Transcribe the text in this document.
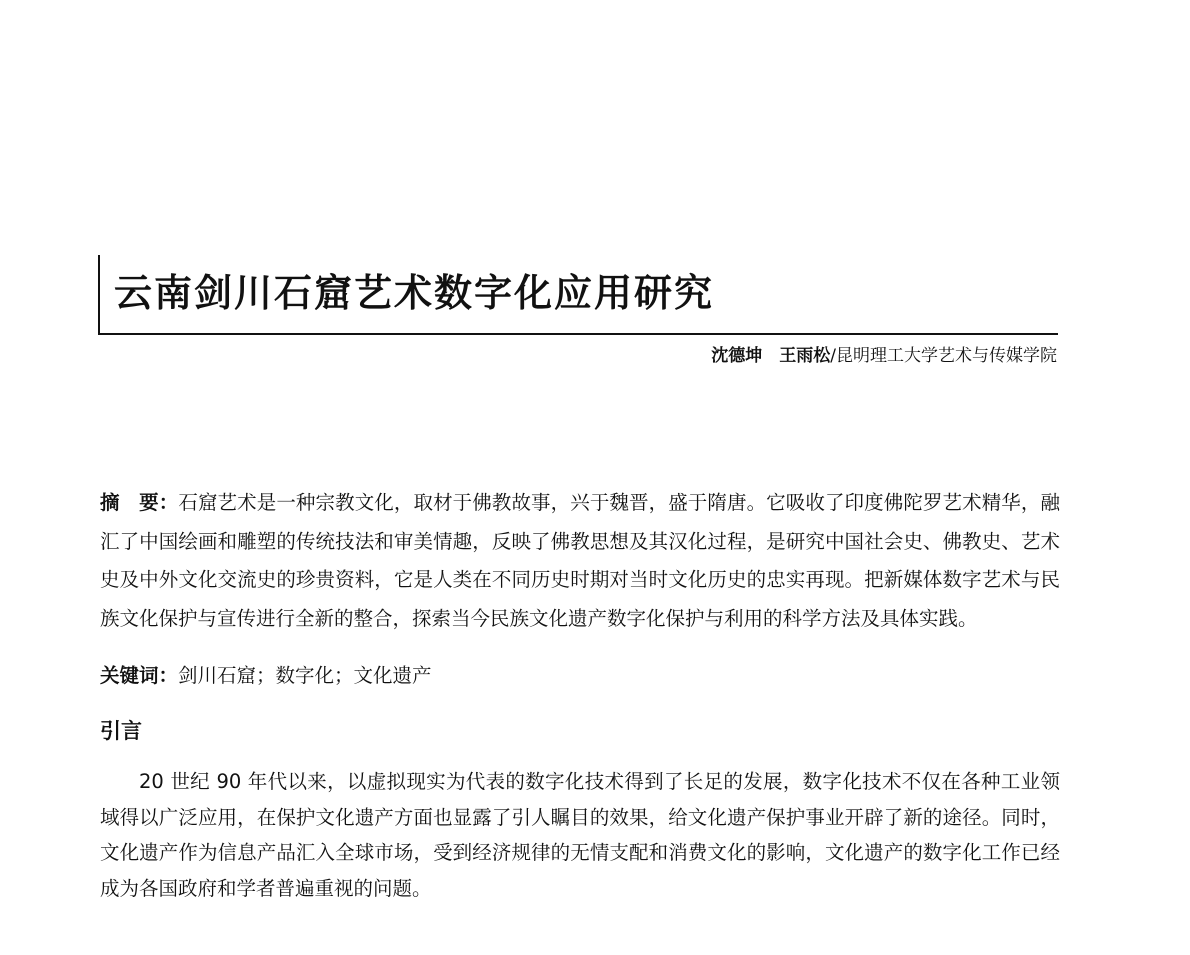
云南剑川石窟艺术数字化应用研究
沈德坤　王雨松/昆明理工大学艺术与传媒学院
摘　要：石窟艺术是一种宗教文化，取材于佛教故事，兴于魏晋，盛于隋唐。它吸收了印度佛陀罗艺术精华，融汇了中国绘画和雕塑的传统技法和审美情趣，反映了佛教思想及其汉化过程，是研究中国社会史、佛教史、艺术史及中外文化交流史的珍贵资料，它是人类在不同历史时期对当时文化历史的忠实再现。把新媒体数字艺术与民族文化保护与宣传进行全新的整合，探索当今民族文化遗产数字化保护与利用的科学方法及具体实践。
关键词：剑川石窟；数字化；文化遗产
引言
20 世纪 90 年代以来，以虚拟现实为代表的数字化技术得到了长足的发展，数字化技术不仅在各种工业领域得以广泛应用，在保护文化遗产方面也显露了引人瞩目的效果，给文化遗产保护事业开辟了新的途径。同时，文化遗产作为信息产品汇入全球市场，受到经济规律的无情支配和消费文化的影响，文化遗产的数字化工作已经成为各国政府和学者普遍重视的问题。
